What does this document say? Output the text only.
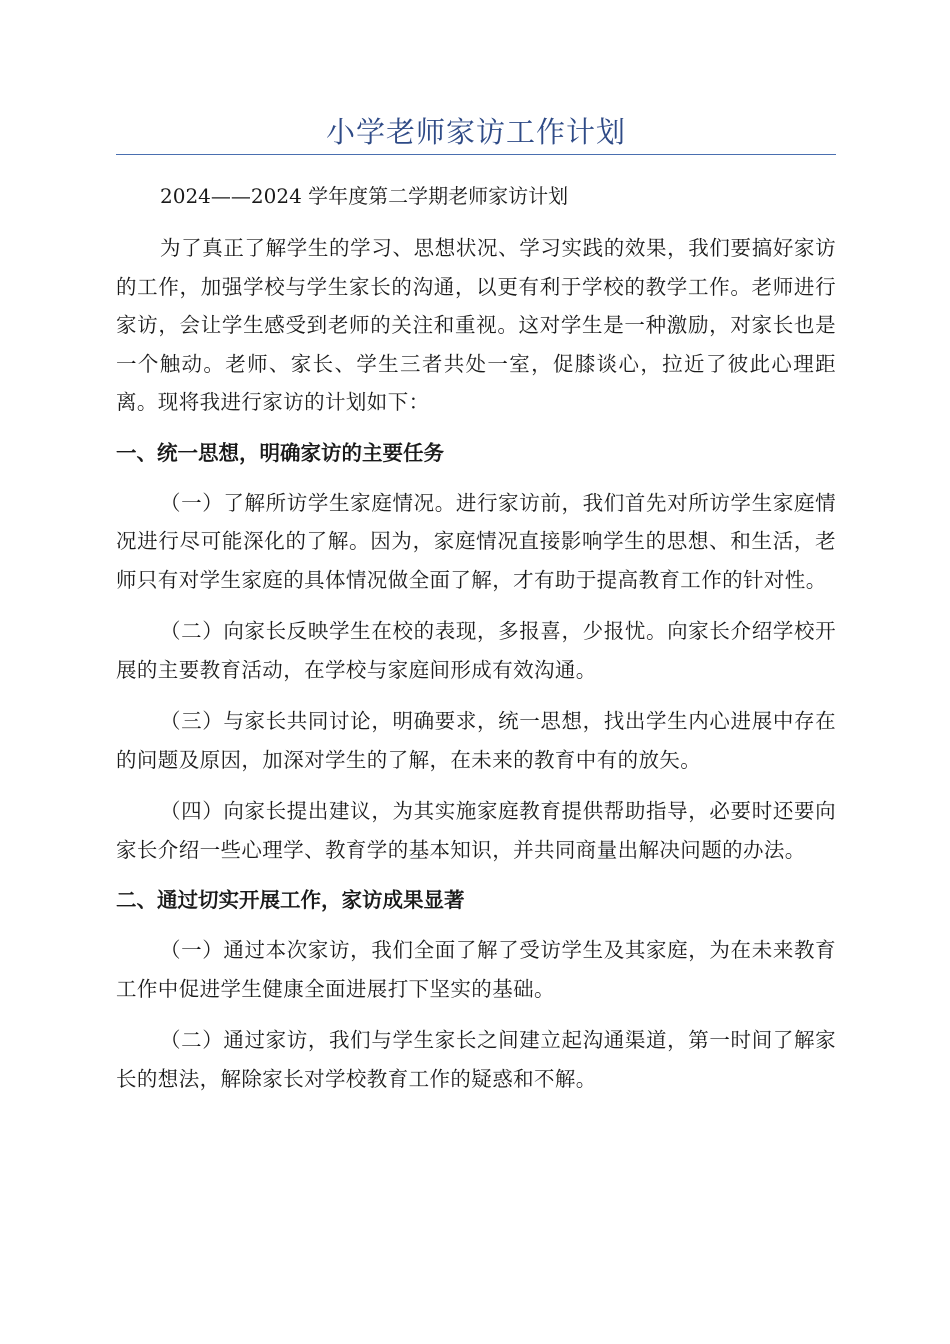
小学老师家访工作计划
2024——2024 学年度第二学期老师家访计划

为了真正了解学生的学习、思想状况、学习实践的效果，我们要搞好家访的工作，加强学校与学生家长的沟通，以更有利于学校的教学工作。老师进行家访，会让学生感受到老师的关注和重视。这对学生是一种激励，对家长也是一个触动。老师、家长、学生三者共处一室，促膝谈心，拉近了彼此心理距离。现将我进行家访的计划如下：

一、统一思想，明确家访的主要任务

（一）了解所访学生家庭情况。进行家访前，我们首先对所访学生家庭情况进行尽可能深化的了解。因为，家庭情况直接影响学生的思想、和生活，老师只有对学生家庭的具体情况做全面了解，才有助于提高教育工作的针对性。

（二）向家长反映学生在校的表现，多报喜，少报忧。向家长介绍学校开展的主要教育活动，在学校与家庭间形成有效沟通。

（三）与家长共同讨论，明确要求，统一思想，找出学生内心进展中存在的问题及原因，加深对学生的了解，在未来的教育中有的放矢。

（四）向家长提出建议，为其实施家庭教育提供帮助指导，必要时还要向家长介绍一些心理学、教育学的基本知识，并共同商量出解决问题的办法。

二、通过切实开展工作，家访成果显著

（一）通过本次家访，我们全面了解了受访学生及其家庭，为在未来教育工作中促进学生健康全面进展打下坚实的基础。

（二）通过家访，我们与学生家长之间建立起沟通渠道，第一时间了解家长的想法，解除家长对学校教育工作的疑惑和不解。
